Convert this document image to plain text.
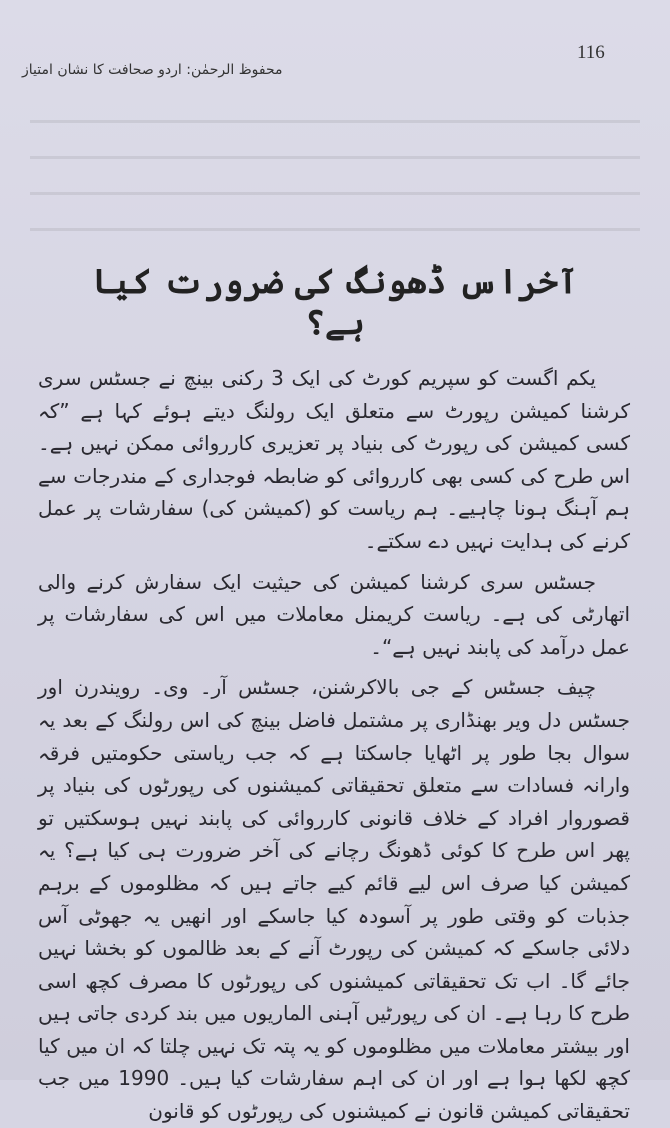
116
محفوظ الرحمٰن: اردو صحافت کا نشان امتیاز
آخراس ڈھونگ کی ضرورت کیا ہے؟

یکم اگست کو سپریم کورٹ کی ایک 3 رکنی بینچ نے جسٹس سری کرشنا کمیشن رپورٹ سے متعلق ایک رولنگ دیتے ہوئے کہا ہے ”کہ کسی کمیشن کی رپورٹ کی بنیاد پر تعزیری کارروائی ممکن نہیں ہے۔ اس طرح کی کسی بھی کارروائی کو ضابطہ فوجداری کے مندرجات سے ہم آہنگ ہونا چاہیے۔ ہم ریاست کو (کمیشن کی) سفارشات پر عمل کرنے کی ہدایت نہیں دے سکتے۔

جسٹس سری کرشنا کمیشن کی حیثیت ایک سفارش کرنے والی اتھارٹی کی ہے۔ ریاست کریمنل معاملات میں اس کی سفارشات پر عمل درآمد کی پابند نہیں ہے“۔

چیف جسٹس کے جی بالاکرشنن، جسٹس آر۔ وی۔ رویندرن اور جسٹس دل ویر بھنڈاری پر مشتمل فاضل بینچ کی اس رولنگ کے بعد یہ سوال بجا طور پر اٹھایا جاسکتا ہے کہ جب ریاستی حکومتیں فرقہ وارانہ فسادات سے متعلق تحقیقاتی کمیشنوں کی رپورٹوں کی بنیاد پر قصوروار افراد کے خلاف قانونی کارروائی کی پابند نہیں ہوسکتیں تو پھر اس طرح کا کوئی ڈھونگ رچانے کی آخر ضرورت ہی کیا ہے؟ یہ کمیشن کیا صرف اس لیے قائم کیے جاتے ہیں کہ مظلوموں کے برہم جذبات کو وقتی طور پر آسودہ کیا جاسکے اور انھیں یہ جھوٹی آس دلائی جاسکے کہ کمیشن کی رپورٹ آنے کے بعد ظالموں کو بخشا نہیں جائے گا۔ اب تک تحقیقاتی کمیشنوں کی رپورٹوں کا مصرف کچھ اسی طرح کا رہا ہے۔ ان کی رپورٹیں آہنی الماریوں میں بند کردی جاتی ہیں اور بیشتر معاملات میں مظلوموں کو یہ پتہ تک نہیں چلتا کہ ان میں کیا کچھ لکھا ہوا ہے اور ان کی اہم سفارشات کیا ہیں۔ 1990 میں جب تحقیقاتی کمیشن قانون نے کمیشنوں کی رپورٹوں کو قانون
